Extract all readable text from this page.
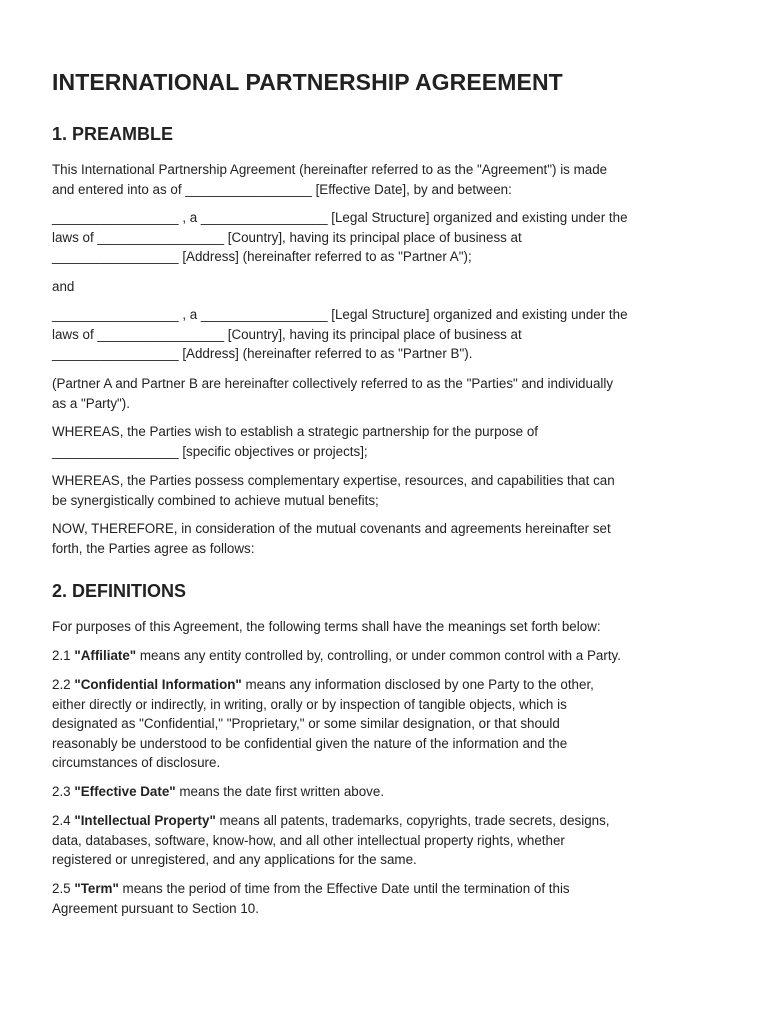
INTERNATIONAL PARTNERSHIP AGREEMENT
1. PREAMBLE

This International Partnership Agreement (hereinafter referred to as the "Agreement") is made
and entered into as of _________________ [Effective Date], by and between:

_________________ , a _________________ [Legal Structure] organized and existing under the
laws of _________________ [Country], having its principal place of business at
_________________ [Address] (hereinafter referred to as "Partner A");

and

_________________ , a _________________ [Legal Structure] organized and existing under the
laws of _________________ [Country], having its principal place of business at
_________________ [Address] (hereinafter referred to as "Partner B").

(Partner A and Partner B are hereinafter collectively referred to as the "Parties" and individually
as a "Party").

WHEREAS, the Parties wish to establish a strategic partnership for the purpose of
_________________ [specific objectives or projects];

WHEREAS, the Parties possess complementary expertise, resources, and capabilities that can
be synergistically combined to achieve mutual benefits;

NOW, THEREFORE, in consideration of the mutual covenants and agreements hereinafter set
forth, the Parties agree as follows:

2. DEFINITIONS

For purposes of this Agreement, the following terms shall have the meanings set forth below:

2.1 "Affiliate" means any entity controlled by, controlling, or under common control with a Party.

2.2 "Confidential Information" means any information disclosed by one Party to the other,
either directly or indirectly, in writing, orally or by inspection of tangible objects, which is
designated as "Confidential," "Proprietary," or some similar designation, or that should
reasonably be understood to be confidential given the nature of the information and the
circumstances of disclosure.

2.3 "Effective Date" means the date first written above.

2.4 "Intellectual Property" means all patents, trademarks, copyrights, trade secrets, designs,
data, databases, software, know-how, and all other intellectual property rights, whether
registered or unregistered, and any applications for the same.

2.5 "Term" means the period of time from the Effective Date until the termination of this
Agreement pursuant to Section 10.
